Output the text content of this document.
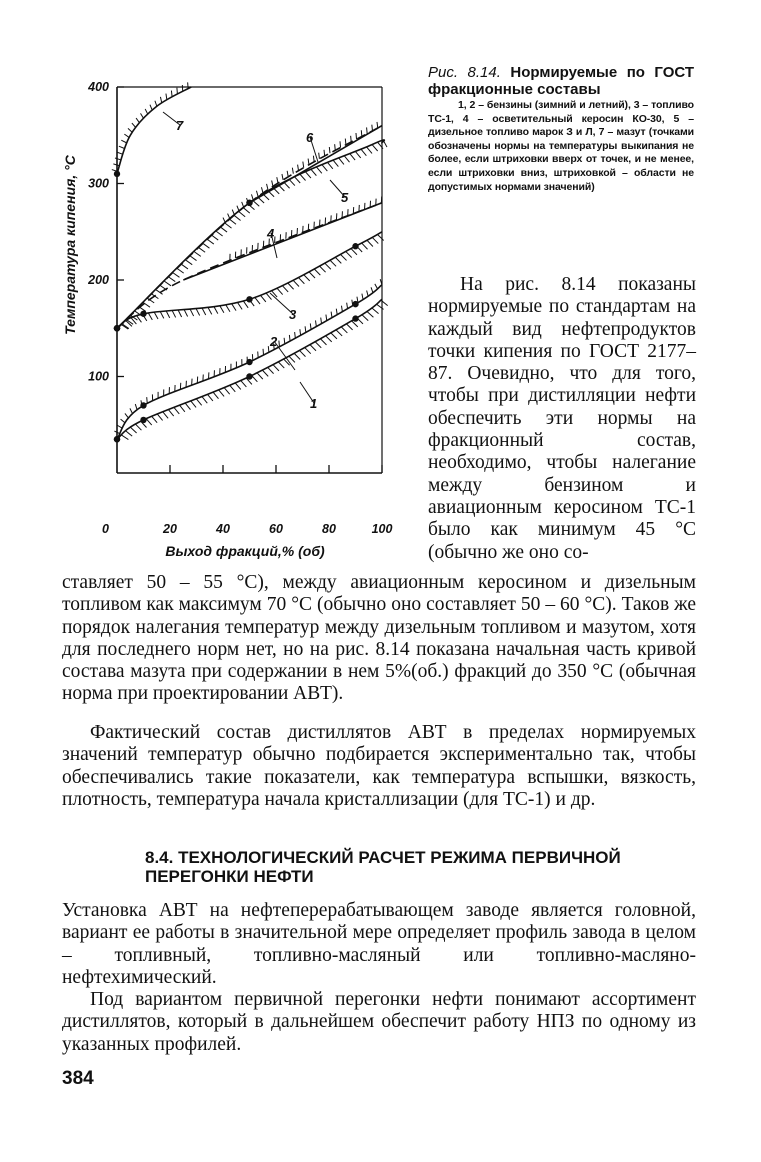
0
100
200
300
400
20	40	60	80	100
1
2
3
4
5
6
7
Температура кипения, °С
Выход фракций,% (об)
Рис. 8.14. Нормируемые по ГОСТ фракционные составы
1, 2 – бензины (зимний и летний), 3 – топливо ТС-1, 4 – осветительный керосин КО-30, 5 – дизельное топливо марок З и Л, 7 – мазут (точками обозначены нормы на температуры выкипания не более, если штриховки вверх от точек, и не менее, если штриховки вниз, штриховкой – области не допустимых нормами значений)

На рис. 8.14 показаны нормируемые по стандартам на каждый вид нефтепродуктов точки кипения по ГОСТ 2177–87. Очевидно, что для того, чтобы при дистилляции нефти обеспечить эти нормы на фракционный состав, необходимо, чтобы налегание между бензином и авиационным керосином ТС-1 было как минимум 45 °С (обычно же оно со-

ставляет 50 – 55 °С), между авиационным керосином и дизельным топливом как максимум 70 °С (обычно оно составляет 50 – 60 °С). Таков же порядок налегания температур между дизельным топливом и мазутом, хотя для последнего норм нет, но на рис. 8.14 показана начальная часть кривой состава мазута при содержании в нем 5%(об.) фракций до 350 °С (обычная норма при проектировании АВТ).

Фактический состав дистиллятов АВТ в пределах нормируемых значений температур обычно подбирается экспериментально так, чтобы обеспечивались такие показатели, как температура вспышки, вязкость, плотность, температура начала кристаллизации (для ТС-1) и др.

8.4. ТЕХНОЛОГИЧЕСКИЙ РАСЧЕТ РЕЖИМА ПЕРВИЧНОЙ ПЕРЕГОНКИ НЕФТИ

Установка АВТ на нефтеперерабатывающем заводе является головной, вариант ее работы в значительной мере определяет профиль завода в целом – топливный, топливно-масляный или топливно-масляно-нефтехимический.

Под вариантом первичной перегонки нефти понимают ассортимент дистиллятов, который в дальнейшем обеспечит работу НПЗ по одному из указанных профилей.

384
